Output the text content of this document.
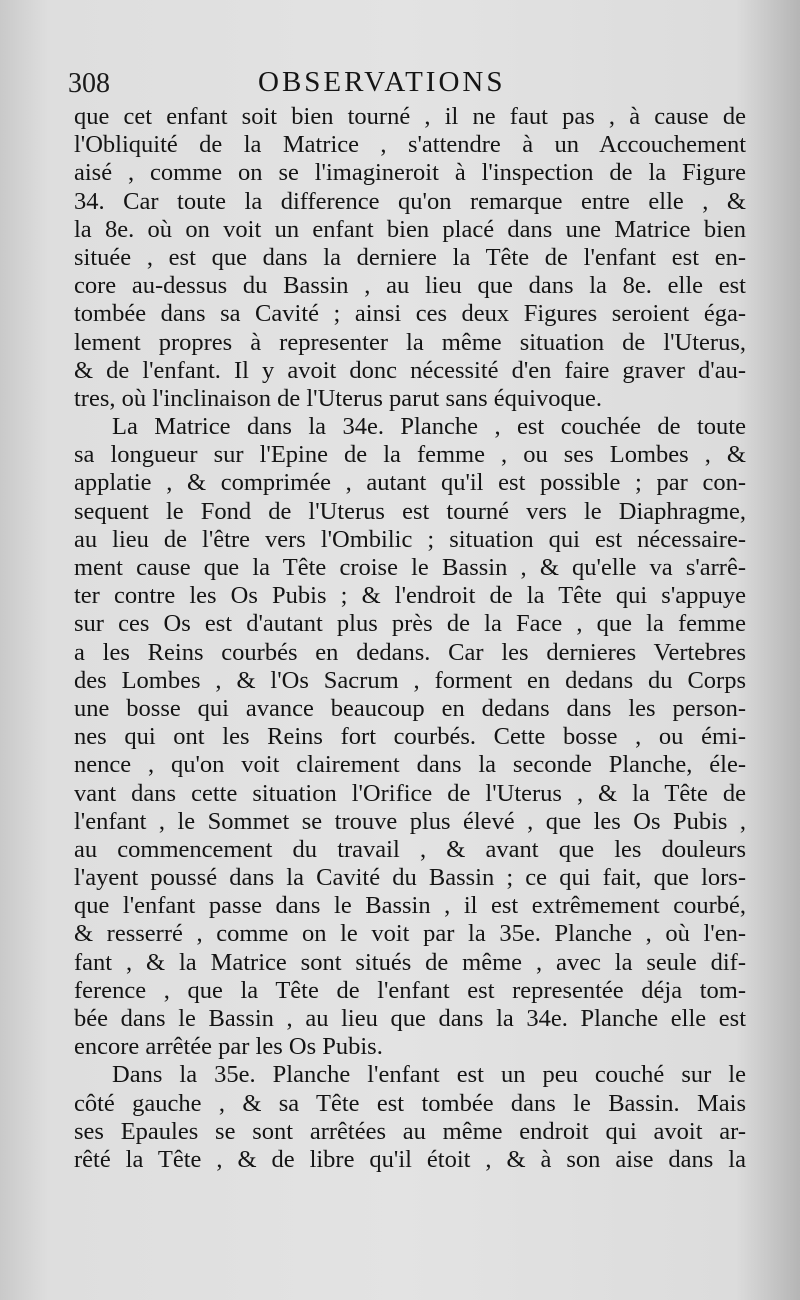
308	OBSERVATIONS
que cet enfant soit bien tourné , il ne faut pas , à cause de
l'Obliquité de la Matrice , s'attendre à un Accouchement
aisé , comme on se l'imagineroit à l'inspection de la Figure
34. Car toute la difference qu'on remarque entre elle , &
la 8e. où on voit un enfant bien placé dans une Matrice bien
située , est que dans la derniere la Tête de l'enfant est en-
core au-dessus du Bassin , au lieu que dans la 8e. elle est
tombée dans sa Cavité ; ainsi ces deux Figures seroient éga-
lement propres à representer la même situation de l'Uterus,
& de l'enfant. Il y avoit donc nécessité d'en faire graver d'au-
tres, où l'inclinaison de l'Uterus parut sans équivoque.
La Matrice dans la 34e. Planche , est couchée de toute
sa longueur sur l'Epine de la femme , ou ses Lombes , &
applatie , & comprimée , autant qu'il est possible ; par con-
sequent le Fond de l'Uterus est tourné vers le Diaphragme,
au lieu de l'être vers l'Ombilic ; situation qui est nécessaire-
ment cause que la Tête croise le Bassin , & qu'elle va s'arrê-
ter contre les Os Pubis ; & l'endroit de la Tête qui s'appuye
sur ces Os est d'autant plus près de la Face , que la femme
a les Reins courbés en dedans. Car les dernieres Vertebres
des Lombes , & l'Os Sacrum , forment en dedans du Corps
une bosse qui avance beaucoup en dedans dans les person-
nes qui ont les Reins fort courbés. Cette bosse , ou émi-
nence , qu'on voit clairement dans la seconde Planche, éle-
vant dans cette situation l'Orifice de l'Uterus , & la Tête de
l'enfant , le Sommet se trouve plus élevé , que les Os Pubis ,
au commencement du travail , & avant que les douleurs
l'ayent poussé dans la Cavité du Bassin ; ce qui fait, que lors-
que l'enfant passe dans le Bassin , il est extrêmement courbé,
& resserré , comme on le voit par la 35e. Planche , où l'en-
fant , & la Matrice sont situés de même , avec la seule dif-
ference , que la Tête de l'enfant est representée déja tom-
bée dans le Bassin , au lieu que dans la 34e. Planche elle est
encore arrêtée par les Os Pubis.
Dans la 35e. Planche l'enfant est un peu couché sur le
côté gauche , & sa Tête est tombée dans le Bassin. Mais
ses Epaules se sont arrêtées au même endroit qui avoit ar-
rêté la Tête , & de libre qu'il étoit , & à son aise dans la
